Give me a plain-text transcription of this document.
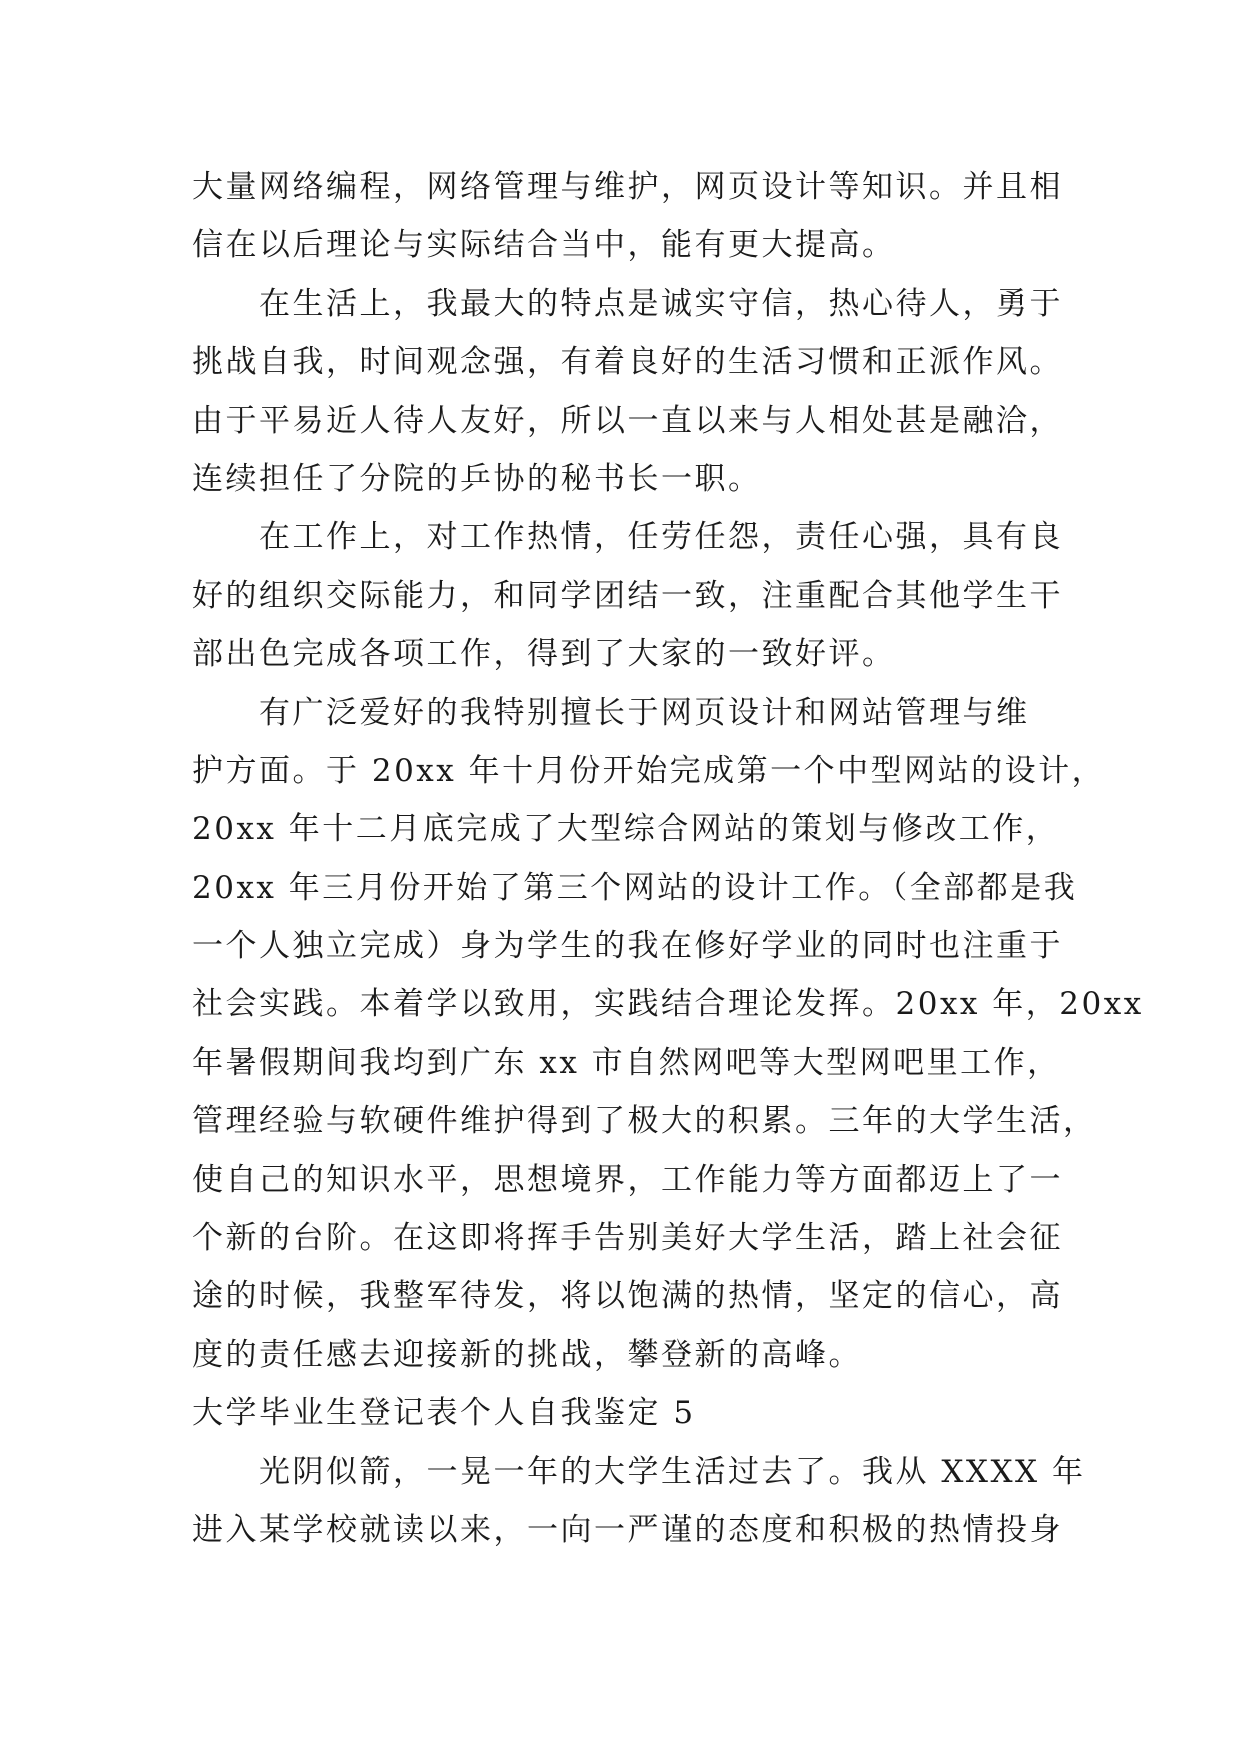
大量网络编程，网络管理与维护，网页设计等知识。并且相
信在以后理论与实际结合当中，能有更大提高。
　　在生活上，我最大的特点是诚实守信，热心待人，勇于
挑战自我，时间观念强，有着良好的生活习惯和正派作风。
由于平易近人待人友好，所以一直以来与人相处甚是融洽，
连续担任了分院的乒协的秘书长一职。
　　在工作上，对工作热情，任劳任怨，责任心强，具有良
好的组织交际能力，和同学团结一致，注重配合其他学生干
部出色完成各项工作，得到了大家的一致好评。
　　有广泛爱好的我特别擅长于网页设计和网站管理与维
护方面。于 20xx 年十月份开始完成第一个中型网站的设计，
20xx 年十二月底完成了大型综合网站的策划与修改工作，
20xx 年三月份开始了第三个网站的设计工作。（全部都是我
一个人独立完成）身为学生的我在修好学业的同时也注重于
社会实践。本着学以致用，实践结合理论发挥。20xx 年，20xx
年暑假期间我均到广东 xx 市自然网吧等大型网吧里工作，
管理经验与软硬件维护得到了极大的积累。三年的大学生活，
使自己的知识水平，思想境界，工作能力等方面都迈上了一
个新的台阶。在这即将挥手告别美好大学生活，踏上社会征
途的时候，我整军待发，将以饱满的热情，坚定的信心，高
度的责任感去迎接新的挑战，攀登新的高峰。
大学毕业生登记表个人自我鉴定 5
　　光阴似箭，一晃一年的大学生活过去了。我从 XXXX 年
进入某学校就读以来，一向一严谨的态度和积极的热情投身
